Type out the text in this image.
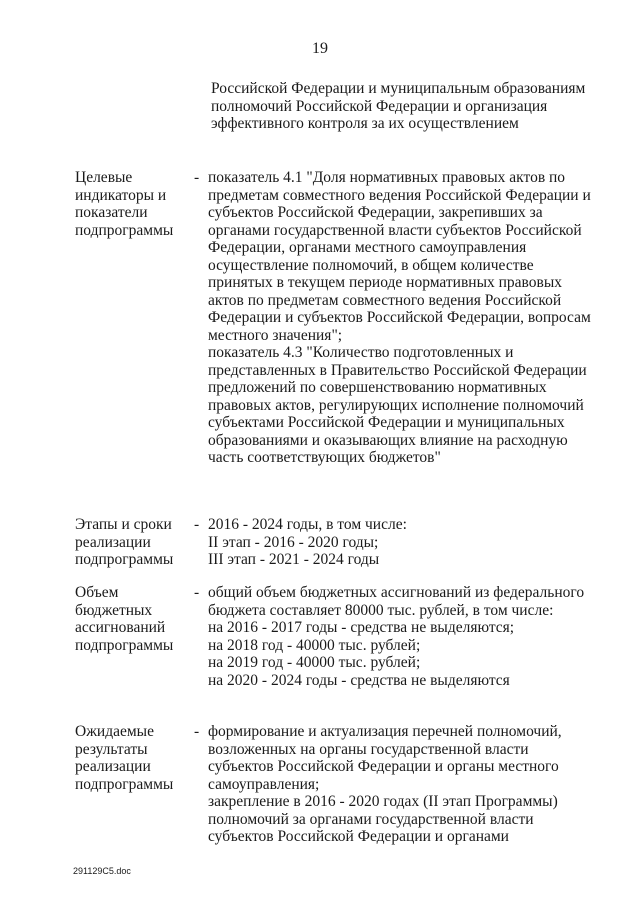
19
Российской Федерации и муниципальным образованиям полномочий Российской Федерации и организация эффективного контроля за их осуществлением
Целевые индикаторы и показатели подпрограммы
- показатель 4.1 "Доля нормативных правовых актов по предметам совместного ведения Российской Федерации и субъектов Российской Федерации, закрепивших за органами государственной власти субъектов Российской Федерации, органами местного самоуправления осуществление полномочий, в общем количестве принятых в текущем периоде нормативных правовых актов по предметам совместного ведения Российской Федерации и субъектов Российской Федерации, вопросам местного значения";

показатель 4.3 "Количество подготовленных и представленных в Правительство Российской Федерации предложений по совершенствованию нормативных правовых актов, регулирующих исполнение полномочий субъектами Российской Федерации и муниципальных образованиями и оказывающих влияние на расходную часть соответствующих бюджетов"

Этапы и сроки реализации подпрограммы
- 2016 - 2024 годы, в том числе:

II этап - 2016 - 2020 годы;

III этап - 2021 - 2024 годы

Объем бюджетных ассигнований подпрограммы
- общий объем бюджетных ассигнований из федерального бюджета составляет 80000 тыс. рублей, в том числе:

на 2016 - 2017 годы - средства не выделяются;

на 2018 год - 40000 тыс. рублей;

на 2019 год - 40000 тыс. рублей;

на 2020 - 2024 годы - средства не выделяются

Ожидаемые результаты реализации подпрограммы
- формирование и актуализация перечней полномочий, возложенных на органы государственной власти субъектов Российской Федерации и органы местного самоуправления;

закрепление в 2016 - 2020 годах (II этап Программы) полномочий за органами государственной власти субъектов Российской Федерации и органами

291129C5.doc
